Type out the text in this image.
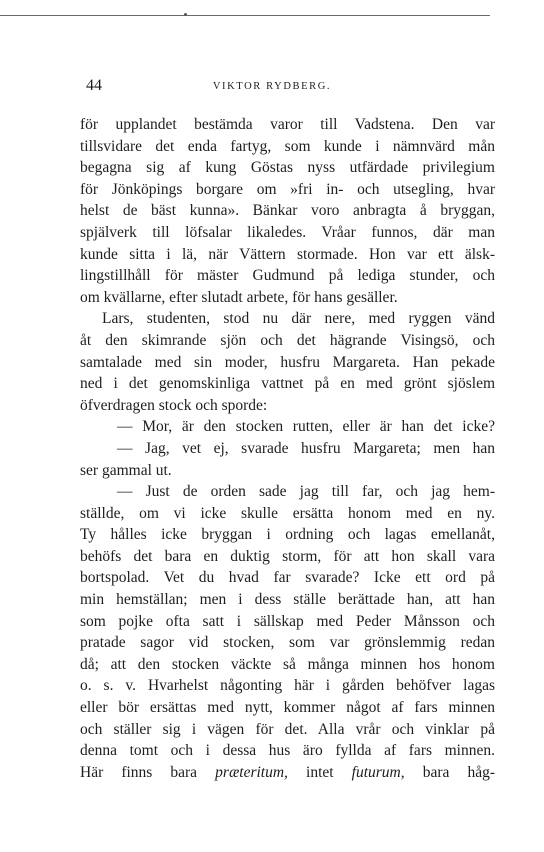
44	VIKTOR RYDBERG.
för upplandet bestämda varor till Vadstena. Den var
tillsvidare det enda fartyg, som kunde i nämnvärd mån
begagna sig af kung Göstas nyss utfärdade privilegium
för Jönköpings borgare om »fri in- och utsegling, hvar
helst de bäst kunna». Bänkar voro anbragta å bryggan,
spjälverk till löfsalar likaledes. Vråar funnos, där man
kunde sitta i lä, när Vättern stormade. Hon var ett älsk-
lingstillhåll för mäster Gudmund på lediga stunder, och
om kvällarne, efter slutadt arbete, för hans gesäller.
Lars, studenten, stod nu där nere, med ryggen vänd
åt den skimrande sjön och det hägrande Visingsö, och
samtalade med sin moder, husfru Margareta. Han pekade
ned i det genomskinliga vattnet på en med grönt sjöslem
öfverdragen stock och sporde:
— Mor, är den stocken rutten, eller är han det icke?
— Jag, vet ej, svarade husfru Margareta; men han
ser gammal ut.
— Just de orden sade jag till far, och jag hem-
ställde, om vi icke skulle ersätta honom med en ny.
Ty hålles icke bryggan i ordning och lagas emellanåt,
behöfs det bara en duktig storm, för att hon skall vara
bortspolad. Vet du hvad far svarade? Icke ett ord på
min hemställan; men i dess ställe berättade han, att han
som pojke ofta satt i sällskap med Peder Månsson och
pratade sagor vid stocken, som var grönslemmig redan
då; att den stocken väckte så många minnen hos honom
o. s. v. Hvarhelst någonting här i gården behöfver lagas
eller bör ersättas med nytt, kommer något af fars minnen
och ställer sig i vägen för det. Alla vrår och vinklar på
denna tomt och i dessa hus äro fyllda af fars minnen.
Här finns bara præteritum, intet futurum, bara håg-
